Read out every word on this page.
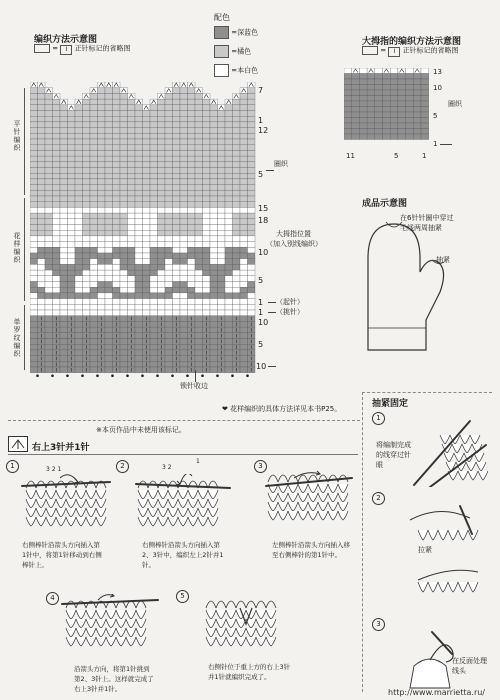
编织方法示意图
= I 正针标记的省略图
配色
=深蓝色
=橘色
=本白色
平针编织
花样编织
单罗纹编织
7
1
12
5
15
18
10
5
1
1
10
5
10
圈织
大拇指位置
（加入别线编织）
（起针）
（挑针）
锁针收边
大拇指的编织方法示意图
= I 正针标记的省略图
13
10
5
1
圈织
11	5	1
成品示意图
在6针针圈中穿过
毛线两周抽紧
抽紧
❤ 花样编织的具体方法详见本书P25。	抽紧固定
1
将编制完成的线穿过针眼
2
拉紧
3
在反面处理线头
※本页作品中未使用该标记。
右上3针并1针
1	3 2 1
右侧棒针沿箭头方向插入第1针中，将第1针移动到右侧棒针上。
2	3 2
1
右侧棒针沿箭头方向插入第2、3针中，编织左上2针并1针。
3
左侧棒针沿箭头方向插入移至右侧棒针的第1针中。
4
沿箭头方向，将第1针挑到第2、3针上。这样就完成了右上3针并1针。
5
右侧针位于重上方的右上3针并1针就编织完成了。
http://www.marrietta.ru/
